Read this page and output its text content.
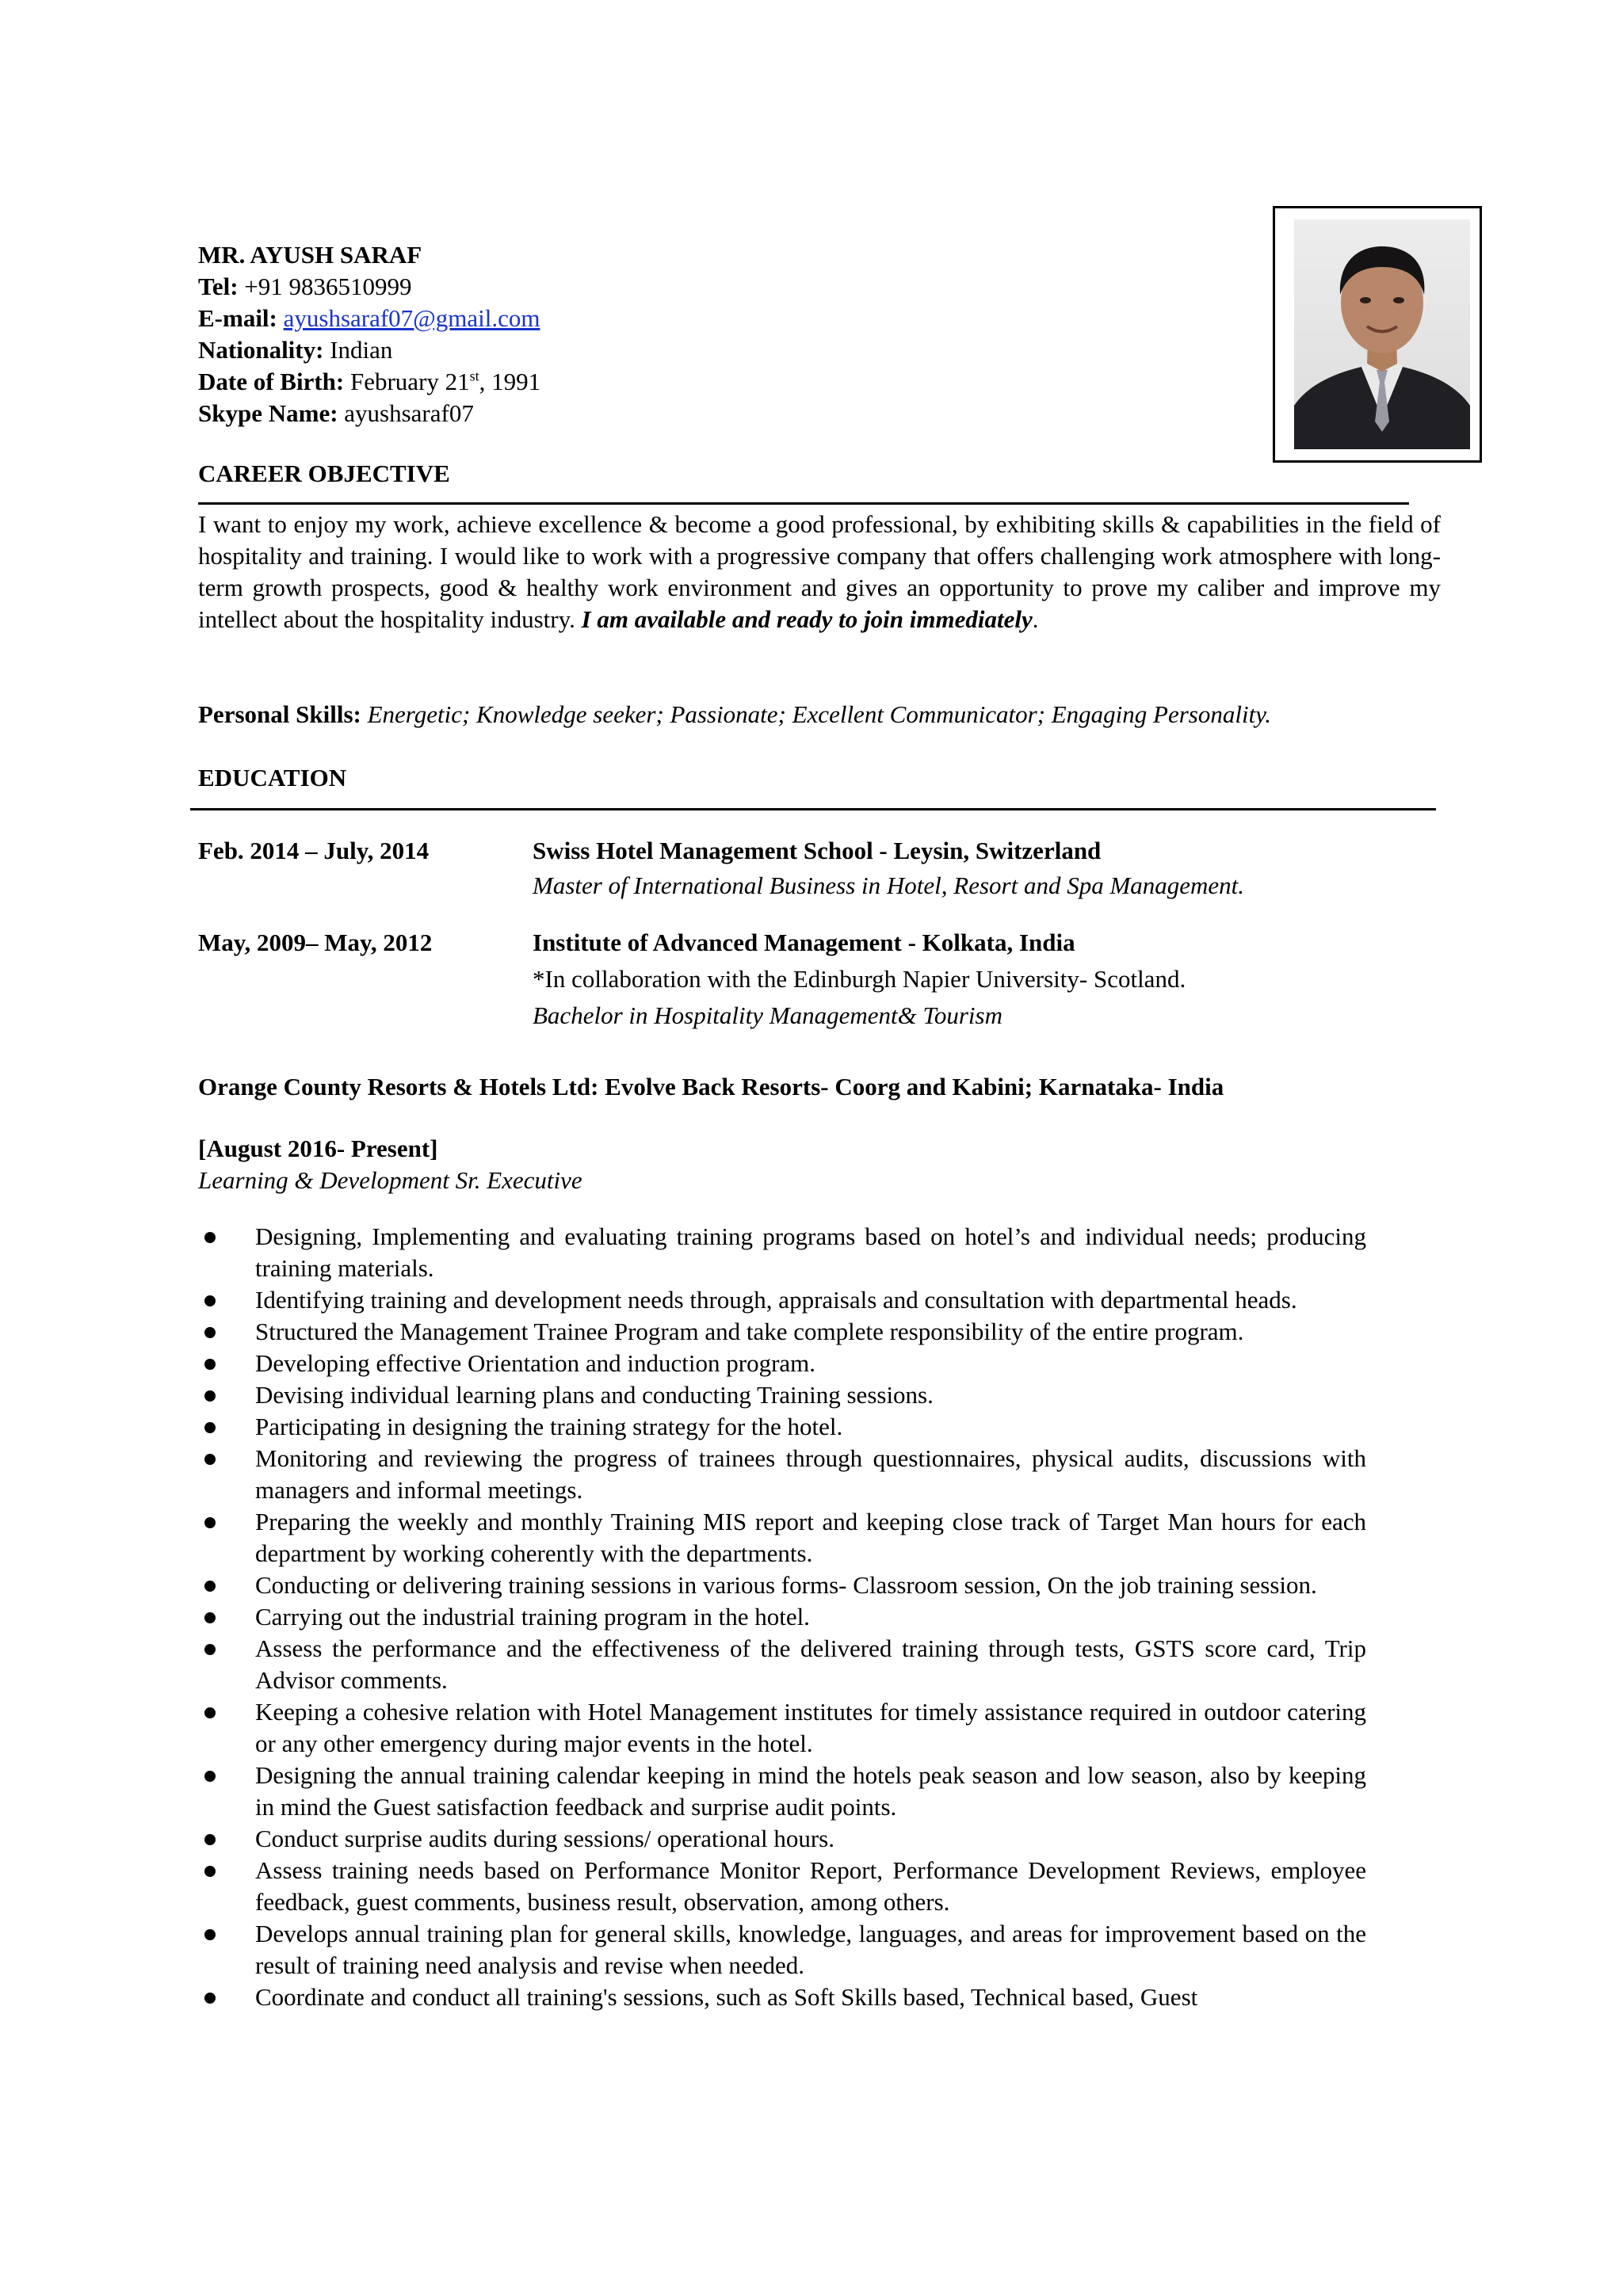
MR. AYUSH SARAF
Tel: +91 9836510999
E-mail: ayushsaraf07@gmail.com
Nationality: Indian
Date of Birth: February 21st, 1991
Skype Name: ayushsaraf07
CAREER OBJECTIVE
I want to enjoy my work, achieve excellence & become a good professional, by exhibiting skills & capabilities in the field of hospitality and training. I would like to work with a progressive company that offers challenging work atmosphere with long-term growth prospects, good & healthy work environment and gives an opportunity to prove my caliber and improve my intellect about the hospitality industry. I am available and ready to join immediately.
Personal Skills: Energetic; Knowledge seeker; Passionate; Excellent Communicator; Engaging Personality.
EDUCATION
Feb. 2014 – July, 2014	Swiss Hotel Management School - Leysin, Switzerland
Master of International Business in Hotel, Resort and Spa Management.
May, 2009– May, 2012	Institute of Advanced Management - Kolkata, India
*In collaboration with the Edinburgh Napier University- Scotland.
Bachelor in Hospitality Management& Tourism
Orange County Resorts & Hotels Ltd: Evolve Back Resorts- Coorg and Kabini; Karnataka- India
[August 2016- Present]
Learning & Development Sr. Executive
Designing, Implementing and evaluating training programs based on hotel’s and individual needs; producing training materials.
Identifying training and development needs through, appraisals and consultation with departmental heads.
Structured the Management Trainee Program and take complete responsibility of the entire program.
Developing effective Orientation and induction program.
Devising individual learning plans and conducting Training sessions.
Participating in designing the training strategy for the hotel.
Monitoring and reviewing the progress of trainees through questionnaires, physical audits, discussions with managers and informal meetings.
Preparing the weekly and monthly Training MIS report and keeping close track of Target Man hours for each department by working coherently with the departments.
Conducting or delivering training sessions in various forms- Classroom session, On the job training session.
Carrying out the industrial training program in the hotel.
Assess the performance and the effectiveness of the delivered training through tests, GSTS score card, Trip Advisor comments.
Keeping a cohesive relation with Hotel Management institutes for timely assistance required in outdoor catering or any other emergency during major events in the hotel.
Designing the annual training calendar keeping in mind the hotels peak season and low season, also by keeping in mind the Guest satisfaction feedback and surprise audit points.
Conduct surprise audits during sessions/ operational hours.
Assess training needs based on Performance Monitor Report, Performance Development Reviews, employee feedback, guest comments, business result, observation, among others.
Develops annual training plan for general skills, knowledge, languages, and areas for improvement based on the result of training need analysis and revise when needed.
Coordinate and conduct all training's sessions, such as Soft Skills based, Technical based, Guest
